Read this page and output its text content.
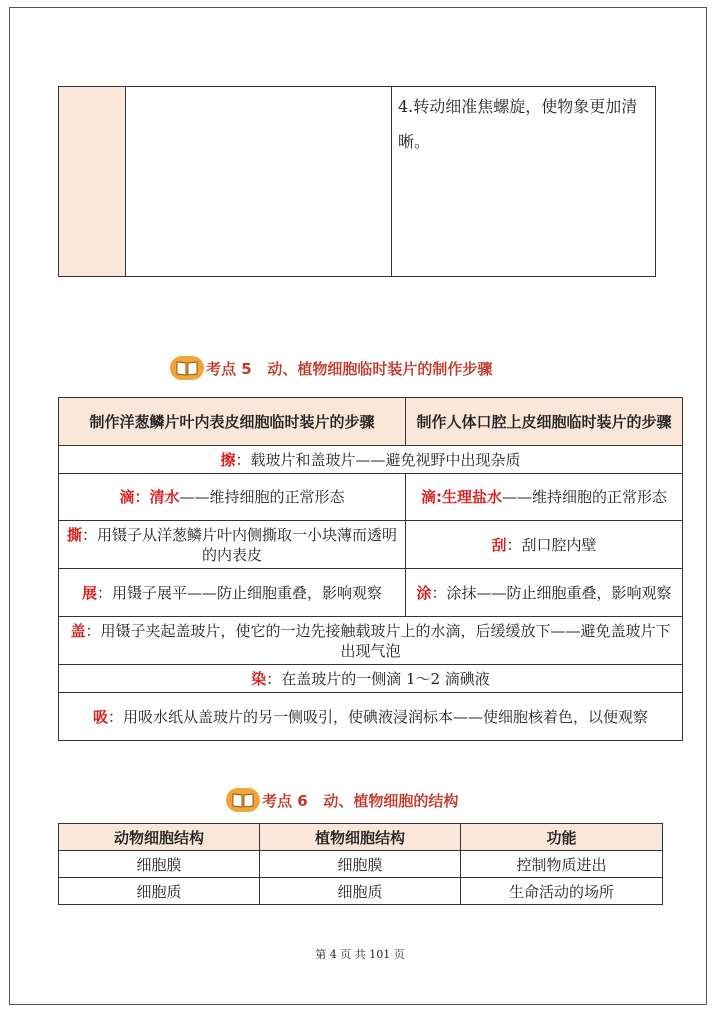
		4.转动细准焦螺旋，使物象更加清晰。
考点 5   动、植物细胞临时装片的制作步骤
制作洋葱鳞片叶内表皮细胞临时装片的步骤	制作人体口腔上皮细胞临时装片的步骤
擦：载玻片和盖玻片——避免视野中出现杂质	
滴：清水——维持细胞的正常形态	滴:生理盐水——维持细胞的正常形态
撕：用镊子从洋葱鳞片叶内侧撕取一小块薄而透明的内表皮	刮：刮口腔内壁
展：用镊子展平——防止细胞重叠，影响观察	涂：涂抹——防止细胞重叠，影响观察
盖：用镊子夹起盖玻片，使它的一边先接触载玻片上的水滴，后缓缓放下——避免盖玻片下出现气泡	
染：在盖玻片的一侧滴 1～2 滴碘液	
吸：用吸水纸从盖玻片的另一侧吸引，使碘液浸润标本——使细胞核着色，以便观察	
考点 6   动、植物细胞的结构
动物细胞结构	植物细胞结构	功能
细胞膜	细胞膜	控制物质进出
细胞质	细胞质	生命活动的场所
第 4 页 共 101 页
